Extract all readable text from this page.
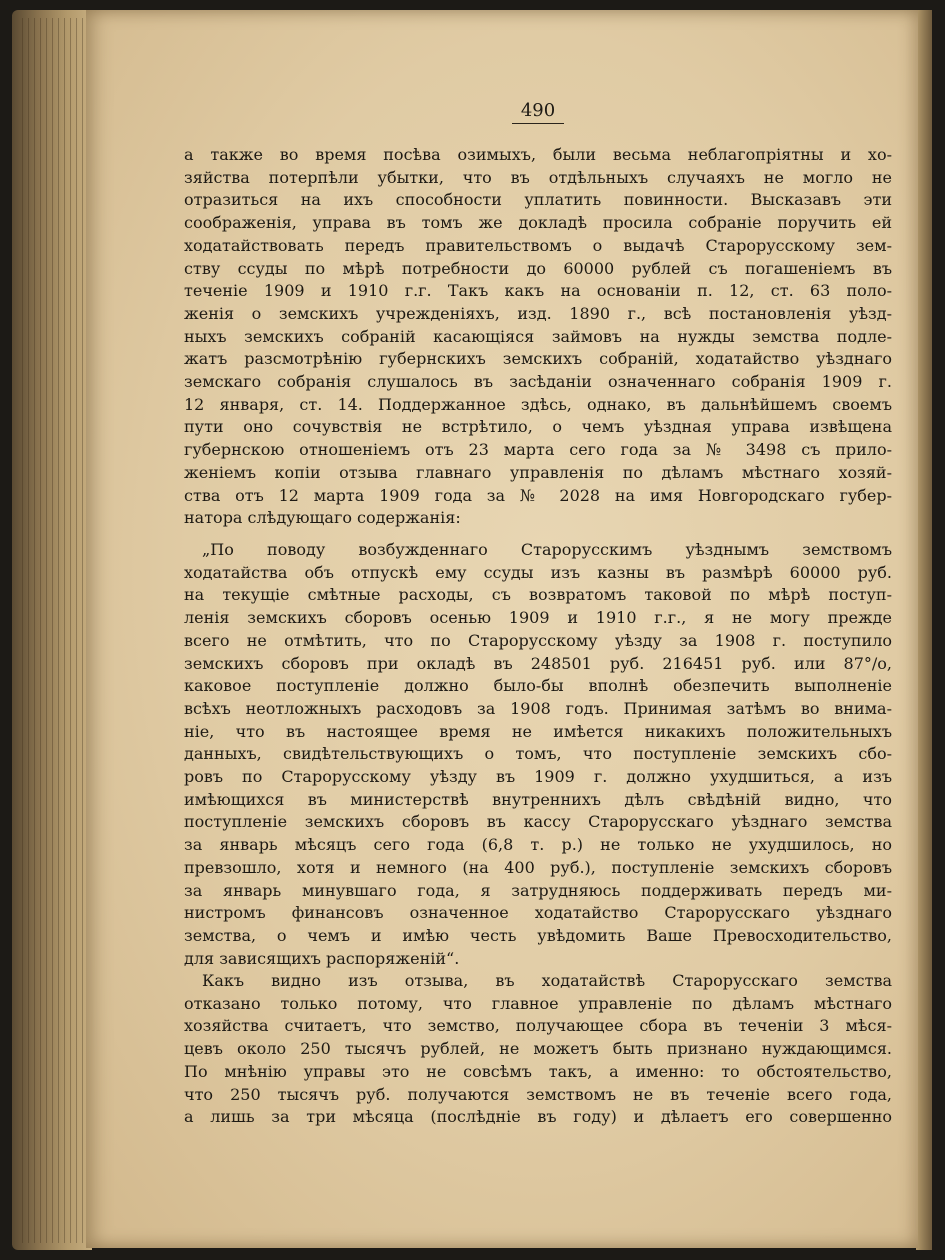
490
а также во время посѣва озимыхъ, были весьма неблагопріятны и хо-
зяйства потерпѣли убытки, что въ отдѣльныхъ случаяхъ не могло не
отразиться на ихъ способности уплатить повинности. Высказавъ эти
соображенія, управа въ томъ же докладѣ просила собраніе поручить ей
ходатайствовать передъ правительствомъ о выдачѣ Старорусскому зем-
ству ссуды по мѣрѣ потребности до 60000 рублей съ погашеніемъ въ
теченіе 1909 и 1910 г.г. Такъ какъ на основаніи п. 12, ст. 63 поло-
женія о земскихъ учрежденіяхъ, изд. 1890 г., всѣ постановленія уѣзд-
ныхъ земскихъ собраній касающіяся займовъ на нужды земства подле-
жатъ разсмотрѣнію губернскихъ земскихъ собраній, ходатайство уѣзднаго
земскаго собранія слушалось въ засѣданіи означеннаго собранія 1909 г.
12 января, ст. 14. Поддержанное здѣсь, однако, въ дальнѣйшемъ своемъ
пути оно сочувствія не встрѣтило, о чемъ уѣздная управа извѣщена
губернскою отношеніемъ отъ 23 марта сего года за № 3498 съ прило-
женіемъ копіи отзыва главнаго управленія по дѣламъ мѣстнаго хозяй-
ства отъ 12 марта 1909 года за № 2028 на имя Новгородскаго губер-
натора слѣдующаго содержанія:
„По поводу возбужденнаго Старорусскимъ уѣзднымъ земствомъ
ходатайства объ отпускѣ ему ссуды изъ казны въ размѣрѣ 60000 руб.
на текущіе смѣтные расходы, съ возвратомъ таковой по мѣрѣ поступ-
ленія земскихъ сборовъ осенью 1909 и 1910 г.г., я не могу прежде
всего не отмѣтить, что по Старорусскому уѣзду за 1908 г. поступило
земскихъ сборовъ при окладѣ въ 248501 руб. 216451 руб. или 87°/о,
каковое поступленіе должно было-бы вполнѣ обезпечить выполненіе
всѣхъ неотложныхъ расходовъ за 1908 годъ. Принимая затѣмъ во внима-
ніе, что въ настоящее время не имѣется никакихъ положительныхъ
данныхъ, свидѣтельствующихъ о томъ, что поступленіе земскихъ сбо-
ровъ по Старорусскому уѣзду въ 1909 г. должно ухудшиться, а изъ
имѣющихся въ министерствѣ внутреннихъ дѣлъ свѣдѣній видно, что
поступленіе земскихъ сборовъ въ кассу Старорусскаго уѣзднаго земства
за январь мѣсяцъ сего года (6,8 т. р.) не только не ухудшилось, но
превзошло, хотя и немного (на 400 руб.), поступленіе земскихъ сборовъ
за январь минувшаго года, я затрудняюсь поддерживать передъ ми-
нистромъ финансовъ означенное ходатайство Старорусскаго уѣзднаго
земства, о чемъ и имѣю честь увѣдомить Ваше Превосходительство,
для зависящихъ распоряженій“.
Какъ видно изъ отзыва, въ ходатайствѣ Старорусскаго земства
отказано только потому, что главное управленіе по дѣламъ мѣстнаго
хозяйства считаетъ, что земство, получающее сбора въ теченіи 3 мѣся-
цевъ около 250 тысячъ рублей, не можетъ быть признано нуждающимся.
По мнѣнію управы это не совсѣмъ такъ, а именно: то обстоятельство,
что 250 тысячъ руб. получаются земствомъ не въ теченіе всего года,
а лишь за три мѣсяца (послѣдніе въ году) и дѣлаетъ его совершенно
